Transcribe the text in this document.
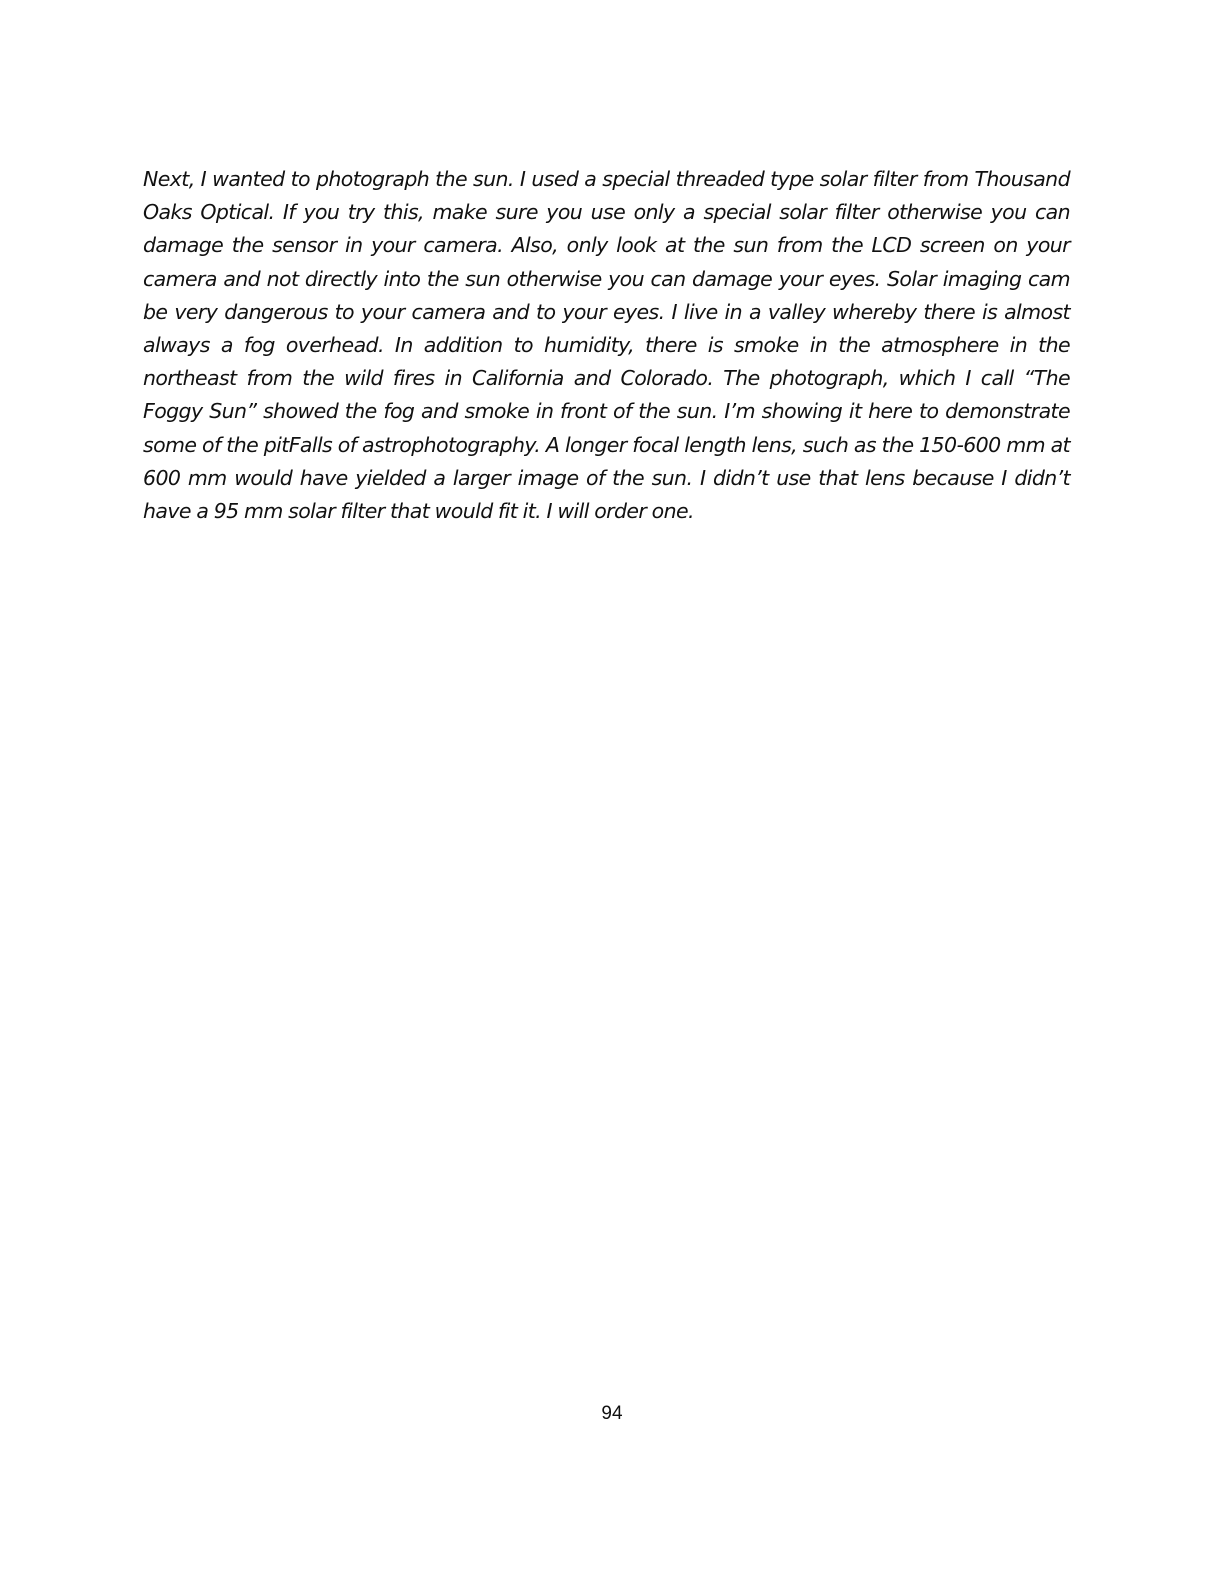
Next, I wanted to photograph the sun. I used a special threaded type solar filter from Thousand Oaks Optical. If you try this, make sure you use only a special solar filter otherwise you can damage the sensor in your camera. Also, only look at the sun from the LCD screen on your camera and not directly into the sun otherwise you can damage your eyes. Solar imaging cam be very dangerous to your camera and to your eyes. I live in a valley whereby there is almost always a fog overhead. In addition to humidity, there is smoke in the atmosphere in the northeast from the wild fires in California and Colorado. The photograph, which I call “The Foggy Sun” showed the fog and smoke in front of the sun. I’m showing it here to demonstrate some of the pitFalls of astrophotography. A longer focal length lens, such as the 150-600 mm at 600 mm would have yielded a larger image of the sun. I didn’t use that lens because I didn’t have a 95 mm solar filter that would fit it. I will order one.

94
